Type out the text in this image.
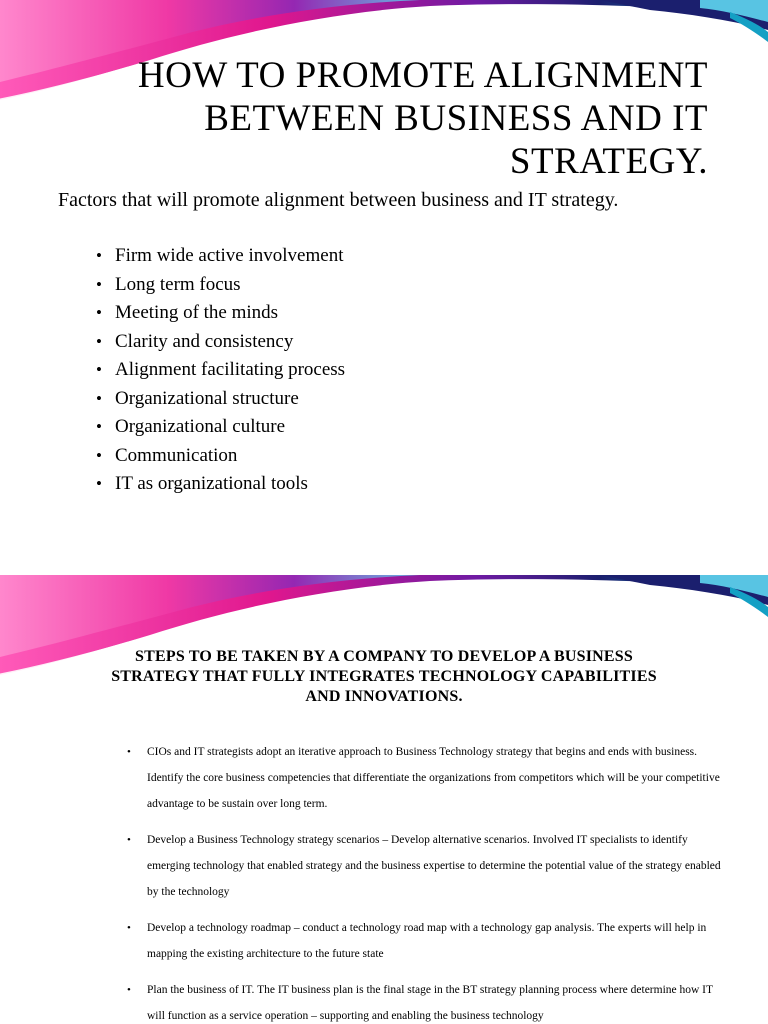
HOW TO PROMOTE ALIGNMENT BETWEEN BUSINESS AND IT STRATEGY.

Factors that will promote alignment between business and IT strategy.

• Firm wide active involvement
• Long term focus
• Meeting of the minds
• Clarity and consistency
• Alignment facilitating process
• Organizational structure
• Organizational culture
• Communication
• IT as organizational tools
STEPS TO BE TAKEN BY A COMPANY TO DEVELOP A BUSINESS STRATEGY THAT FULLY INTEGRATES TECHNOLOGY CAPABILITIES AND INNOVATIONS.
• CIOs and IT strategists adopt an iterative approach to Business Technology strategy that begins and ends with business. Identify the core business competencies that differentiate the organizations from competitors which will be your competitive advantage to be sustain over long term.
• Develop a Business Technology strategy scenarios – Develop alternative scenarios. Involved IT specialists to identify emerging technology that enabled strategy and the business expertise to determine the potential value of the strategy enabled by the technology
• Develop a technology roadmap – conduct a technology road map with a technology gap analysis. The experts will help in mapping the existing architecture to the future state
• Plan the business of IT. The IT business plan is the final stage in the BT strategy planning process where determine how IT will function as a service operation – supporting and enabling the business technology
